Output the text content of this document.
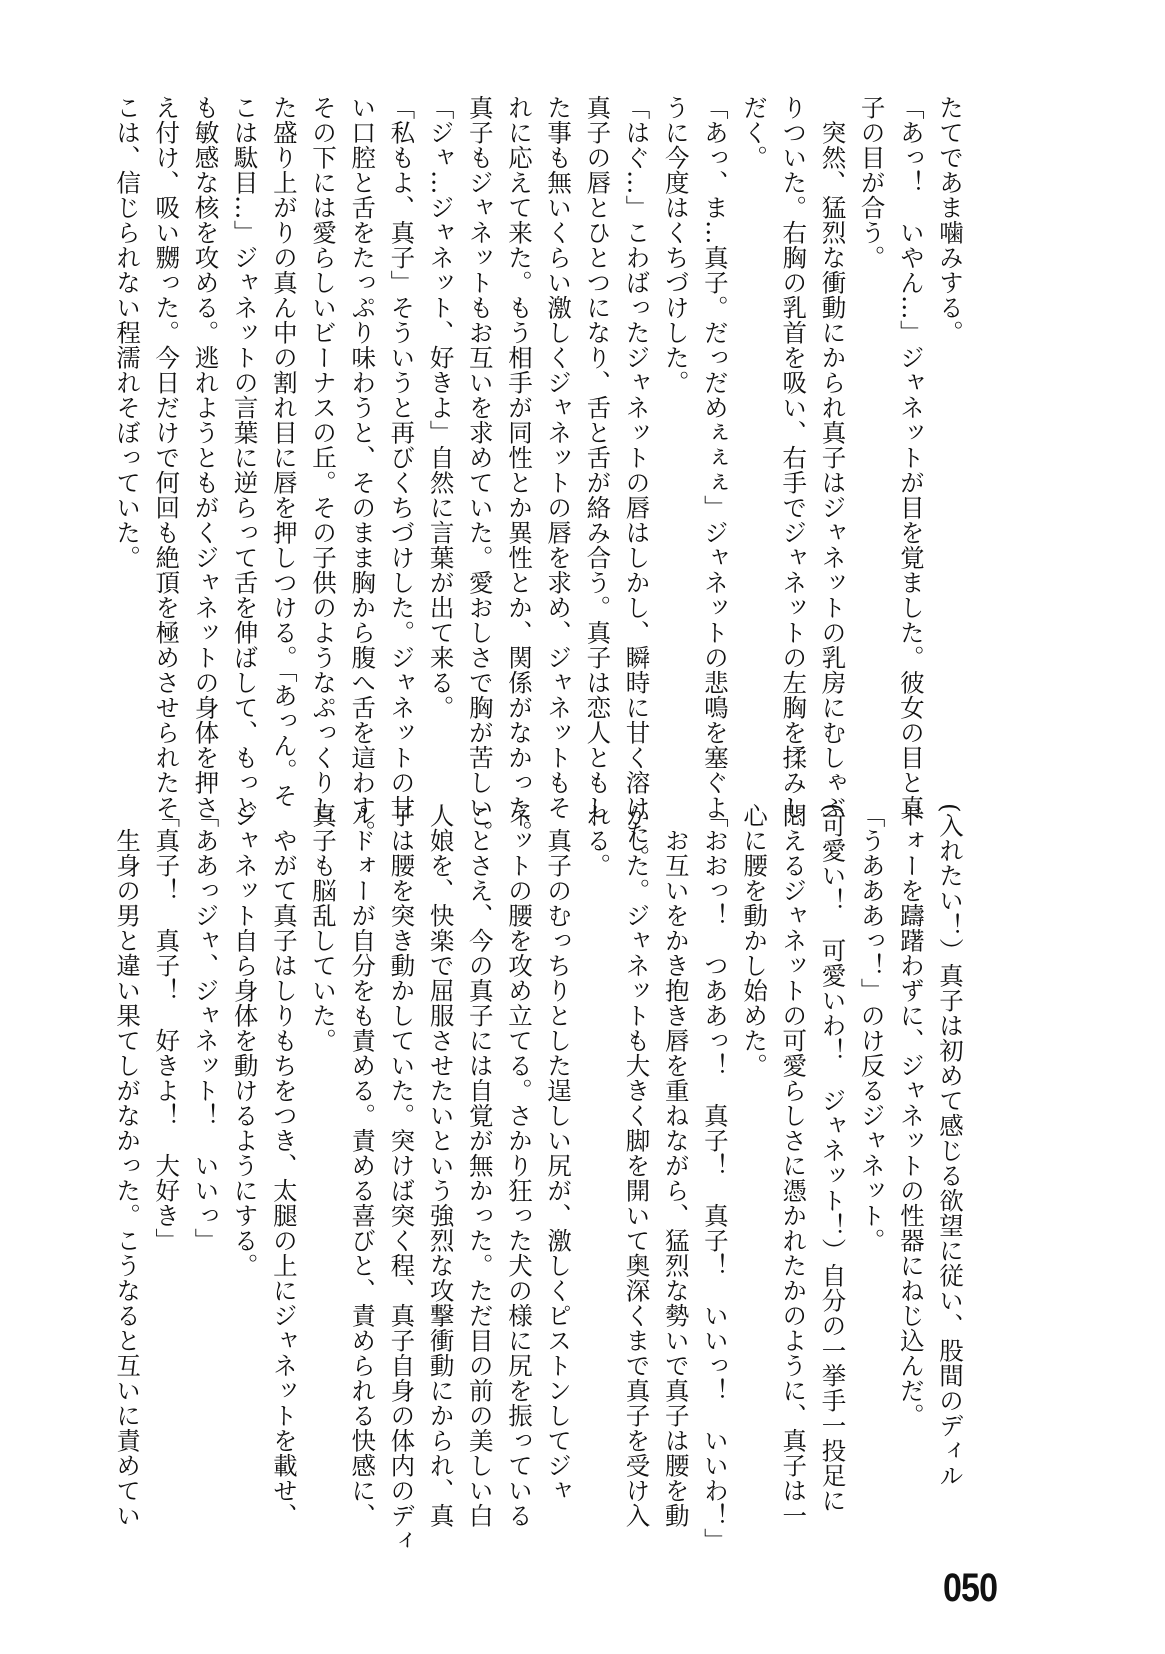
たてであま噛みする。
「あっ！　いやん…」ジャネットが目を覚ました。彼女の目と真
子の目が合う。
　突然、猛烈な衝動にかられ真子はジャネットの乳房にむしゃぶ
りついた。右胸の乳首を吸い、右手でジャネットの左胸を揉みし
だく。
「あっ、ま…真子。だっだめぇぇぇ」ジャネットの悲鳴を塞ぐよ
うに今度はくちづけした。
「はぐ…」こわばったジャネットの唇はしかし、瞬時に甘く溶けた。
真子の唇とひとつになり、舌と舌が絡み合う。真子は恋人ともし
た事も無いくらい激しくジャネットの唇を求め、ジャネットもそ
れに応えて来た。もう相手が同性とか異性とか、関係がなかった。
真子もジャネットもお互いを求めていた。愛おしさで胸が苦しい。
「ジャ…ジャネット、好きよ」自然に言葉が出て来る。
「私もよ、真子」そういうと再びくちづけした。ジャネットの甘
い口腔と舌をたっぷり味わうと、そのまま胸から腹へ舌を這わす。
その下には愛らしいビーナスの丘。その子供のようなぷっくりし
た盛り上がりの真ん中の割れ目に唇を押しつける。「あっん。そ
こは駄目…」ジャネットの言葉に逆らって舌を伸ばして、もっと
も敏感な核を攻める。逃れようともがくジャネットの身体を押さ
え付け、吸い嬲った。今日だけで何回も絶頂を極めさせられたそ
こは、信じられない程濡れそぼっていた。
(入れたい！）真子は初めて感じる欲望に従い、股間のディル
ドォーを躊躇わずに、ジャネットの性器にねじ込んだ。
「うあああっ！」のけ反るジャネット。
(可愛い！　可愛いわ！　ジャネット！）自分の一挙手一投足に
悶えるジャネットの可愛らしさに憑かれたかのように、真子は一
心に腰を動かし始めた。
「おおっ！　つああっ！　真子！　真子！　いいっ！　いいわ！」
　お互いをかき抱き唇を重ねながら、猛烈な勢いで真子は腰を動
かした。ジャネットも大きく脚を開いて奥深くまで真子を受け入
れる。
　真子のむっちりとした逞しい尻が、激しくピストンしてジャ
ネットの腰を攻め立てる。さかり狂った犬の様に尻を振っている
ことさえ、今の真子には自覚が無かった。ただ目の前の美しい白
人娘を、快楽で屈服させたいという強烈な攻撃衝動にかられ、真
子は腰を突き動かしていた。突けば突く程、真子自身の体内のディ
ルドォーが自分をも責める。責める喜びと、責められる快感に、
真子も脳乱していた。
　やがて真子はしりもちをつき、太腿の上にジャネットを載せ、
ジャネット自ら身体を動けるようにする。
「ああっジャ、ジャネット！　いいっ」
「真子！　真子！　好きよ！　大好き」
　生身の男と違い果てしがなかった。こうなると互いに責めてい
050
